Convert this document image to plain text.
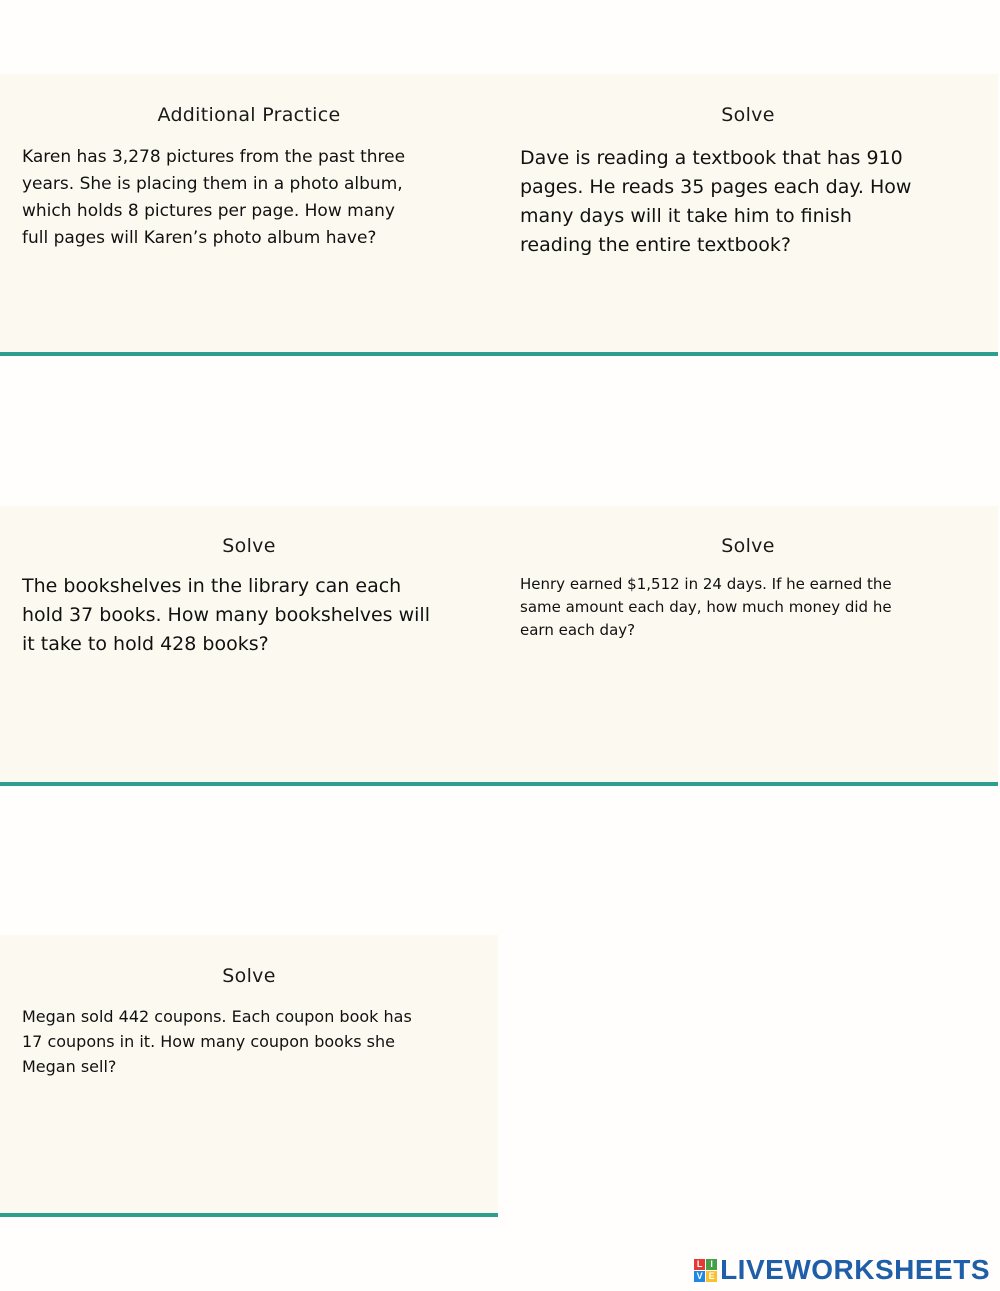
Additional Practice

Karen has 3,278 pictures from the past three
years. She is placing them in a photo album,
which holds 8 pictures per page. How many
full pages will Karen’s photo album have?

Solve

Dave is reading a textbook that has 910
pages. He reads 35 pages each day. How
many days will it take him to finish
reading the entire textbook?

Solve

The bookshelves in the library can each
hold 37 books. How many bookshelves will
it take to hold 428 books?

Solve

Henry earned $1,512 in 24 days. If he earned the
same amount each day, how much money did he
earn each day?

Solve

Megan sold 442 coupons. Each coupon book has
17 coupons in it. How many coupon books she
Megan sell?

L I
V E LIVEWORKSHEETS
